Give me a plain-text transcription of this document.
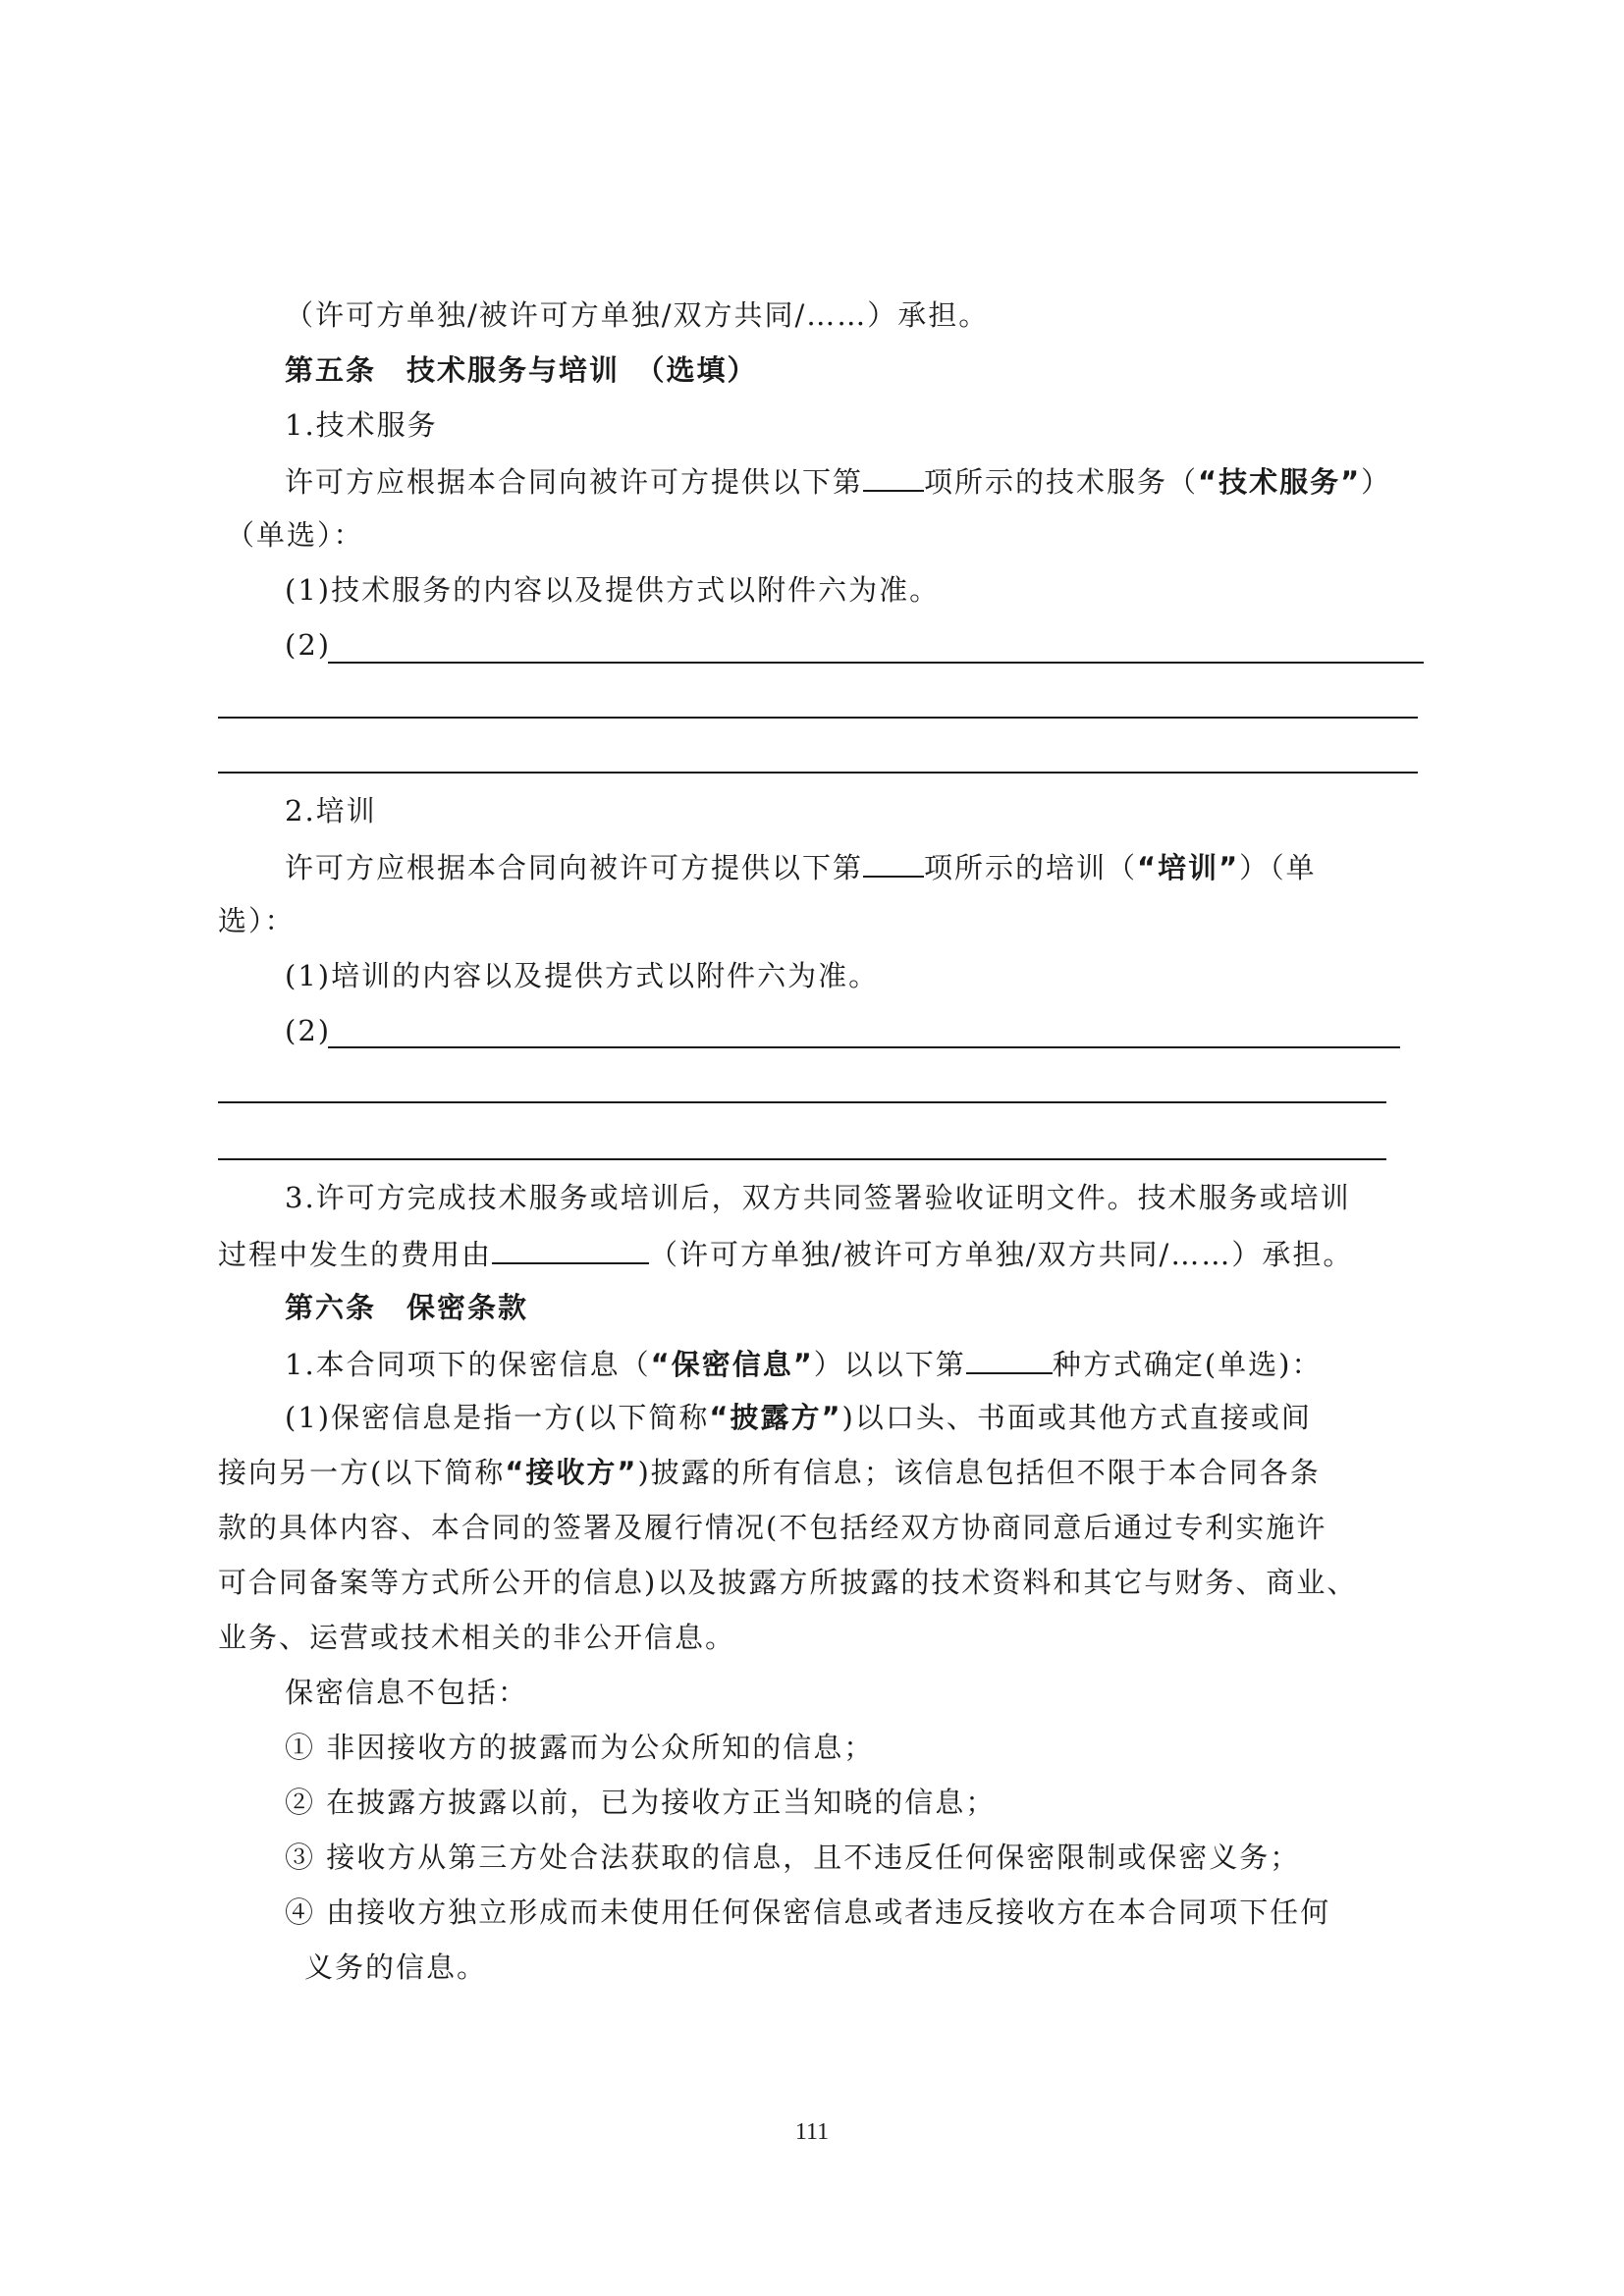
（许可方单独/被许可方单独/双方共同/……）承担。
第五条　技术服务与培训　（选填）
1.技术服务
许可方应根据本合同向被许可方提供以下第 项所示的技术服务（“技术服务”）
（单选）：
(1)技术服务的内容以及提供方式以附件六为准。
(2)
2.培训
许可方应根据本合同向被许可方提供以下第 项所示的培训（“培训”）（单
选）：
(1)培训的内容以及提供方式以附件六为准。
(2)
3.许可方完成技术服务或培训后，双方共同签署验收证明文件。技术服务或培训
过程中发生的费用由	（许可方单独/被许可方单独/双方共同/……）承担。
第六条　保密条款
1.本合同项下的保密信息（“保密信息”）以以下第	种方式确定(单选)：
(1)保密信息是指一方(以下简称“披露方”)以口头、书面或其他方式直接或间
接向另一方(以下简称“接收方”)披露的所有信息；该信息包括但不限于本合同各条
款的具体内容、本合同的签署及履行情况(不包括经双方协商同意后通过专利实施许
可合同备案等方式所公开的信息)以及披露方所披露的技术资料和其它与财务、商业、
业务、运营或技术相关的非公开信息。
保密信息不包括：
① 非因接收方的披露而为公众所知的信息；
② 在披露方披露以前，已为接收方正当知晓的信息；
③ 接收方从第三方处合法获取的信息，且不违反任何保密限制或保密义务；
④ 由接收方独立形成而未使用任何保密信息或者违反接收方在本合同项下任何
义务的信息。
111
